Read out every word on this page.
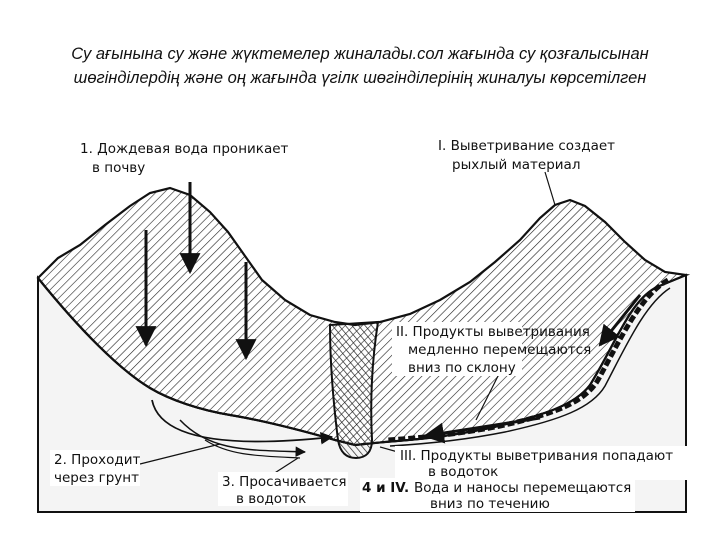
Су ағынына су және жүктемелер жиналады.сол жағында су қозғалысынан
шөгінділердің және оң жағында үгілк шөгінділерінің жиналуы көрсетілген
1. Дождевая вода проникает
в почву
I. Выветривание создает
рыхлый материал
II. Продукты выветривания
медленно перемещаются
вниз по склону
2. Проходит
через грунт	3. Просачивается
в водоток
III. Продукты выветривания попадают
в водоток
4 и IV. Вода и наносы перемещаются
вниз по течению
